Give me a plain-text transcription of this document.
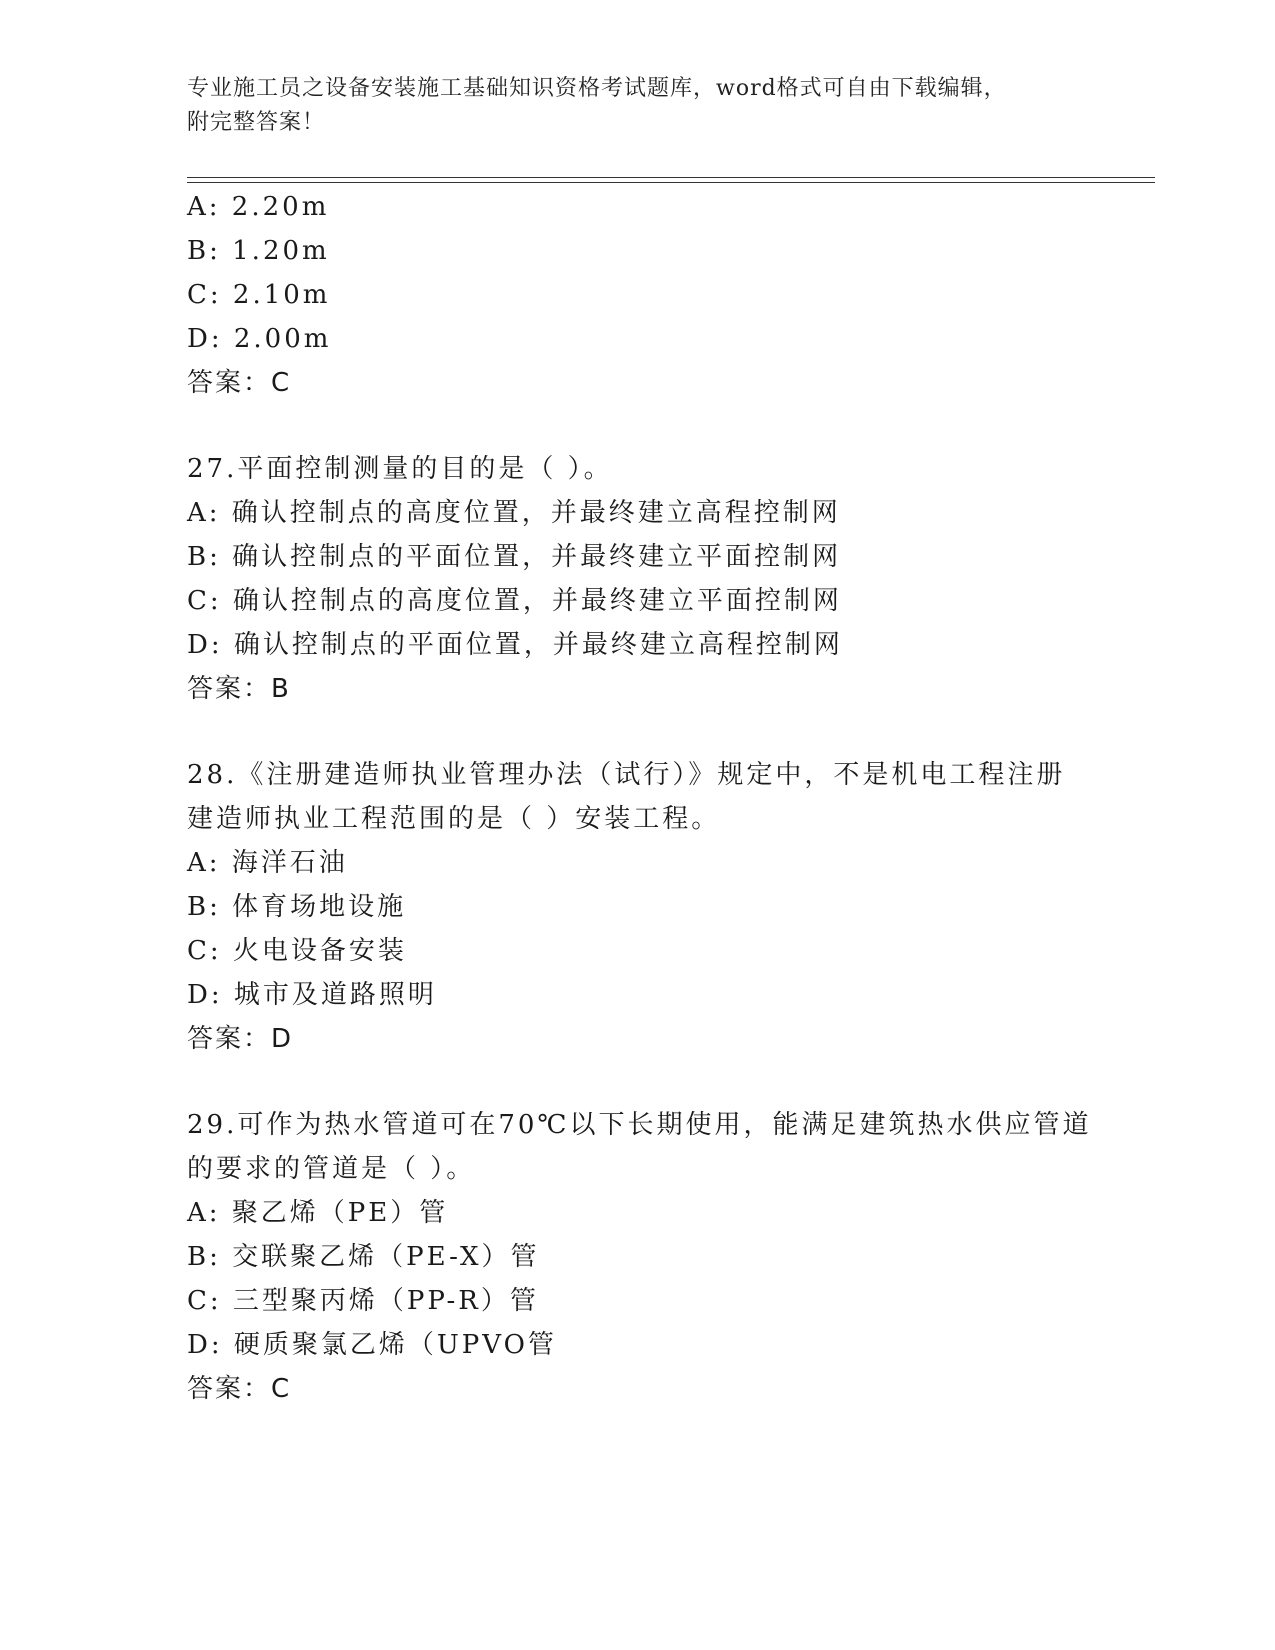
专业施工员之设备安装施工基础知识资格考试题库，word格式可自由下载编辑，
附完整答案！
A: 2.20m
B: 1.20m
C: 2.10m
D: 2.00m
答案：C
27.平面控制测量的目的是（ ）。
A: 确认控制点的高度位置，并最终建立高程控制网
B: 确认控制点的平面位置，并最终建立平面控制网
C: 确认控制点的高度位置，并最终建立平面控制网
D: 确认控制点的平面位置，并最终建立高程控制网
答案：B
28.《注册建造师执业管理办法（试行）》规定中，不是机电工程注册
建造师执业工程范围的是（ ）安装工程。
A: 海洋石油
B: 体育场地设施
C: 火电设备安装
D: 城市及道路照明
答案：D
29.可作为热水管道可在70℃以下长期使用，能满足建筑热水供应管道
的要求的管道是（ ）。
A: 聚乙烯（PE）管
B: 交联聚乙烯（PE-X）管
C: 三型聚丙烯（PP-R）管
D: 硬质聚氯乙烯（UPVO管
答案：C
